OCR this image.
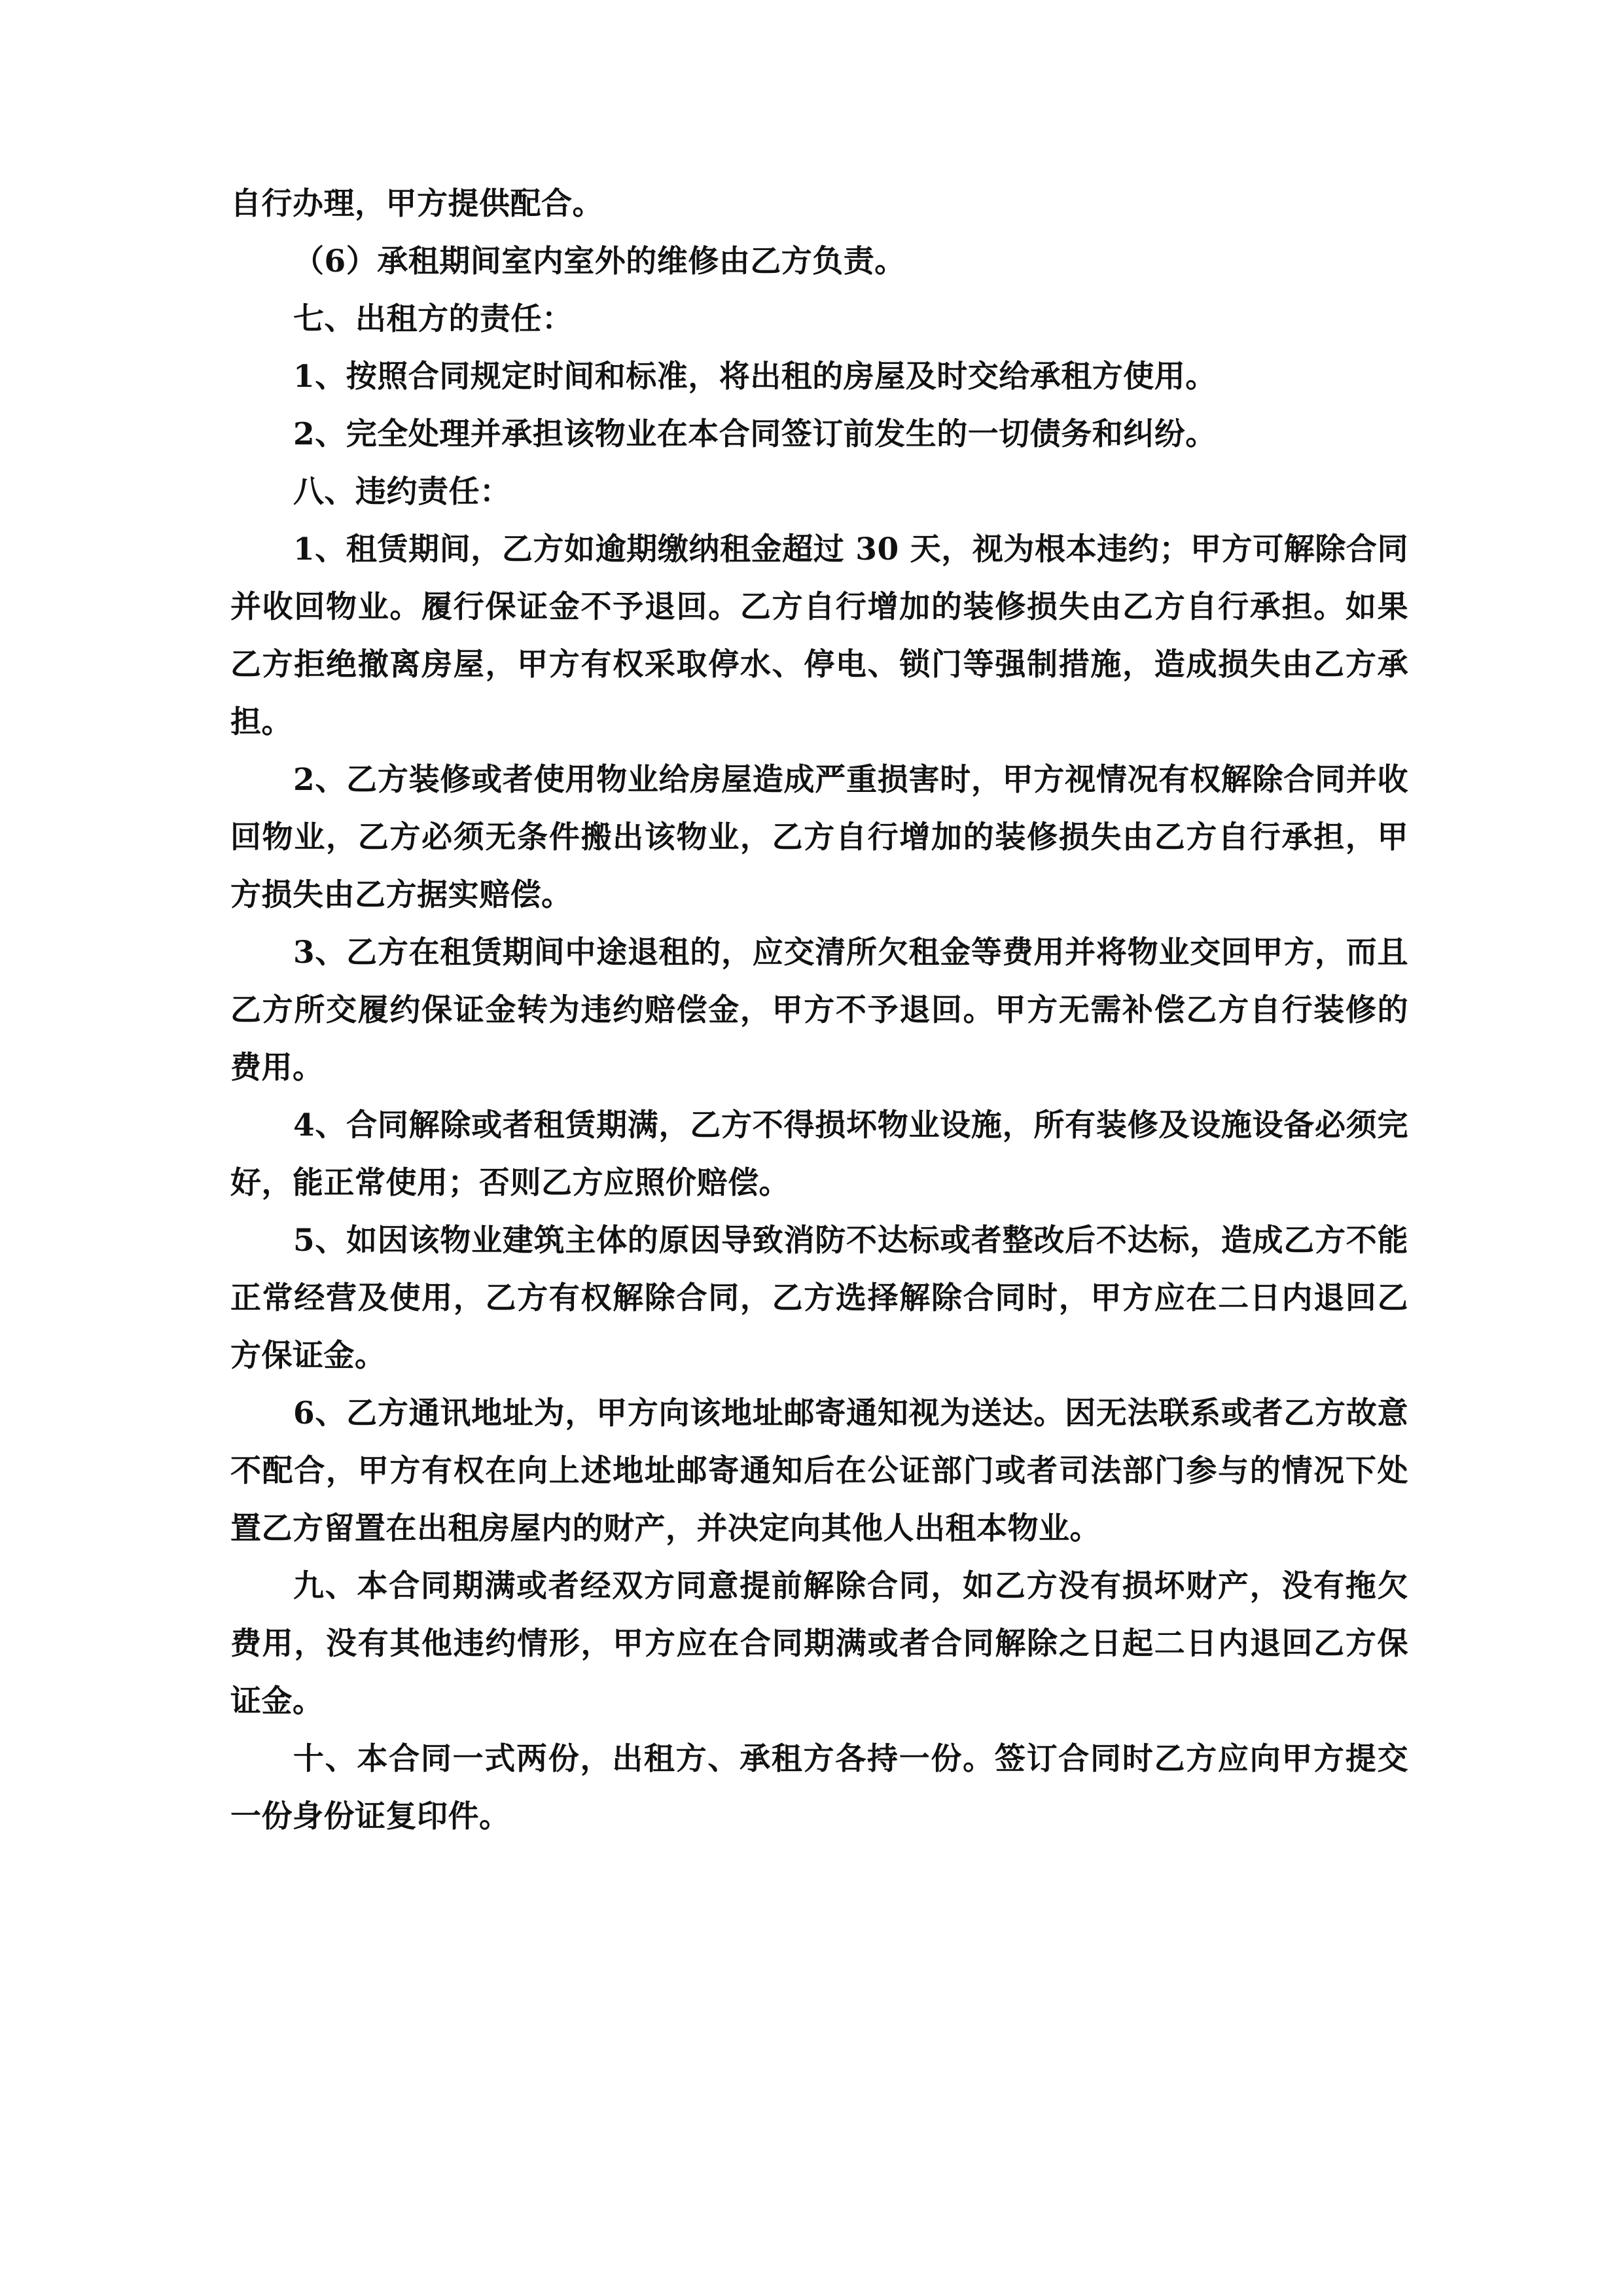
自行办理，甲方提供配合。

（6）承租期间室内室外的维修由乙方负责。

七、出租方的责任：

1、按照合同规定时间和标准，将出租的房屋及时交给承租方使用。

2、完全处理并承担该物业在本合同签订前发生的一切债务和纠纷。

八、违约责任：

1、租赁期间，乙方如逾期缴纳租金超过 30 天，视为根本违约；甲方可解除合同并收回物业。履行保证金不予退回。乙方自行增加的装修损失由乙方自行承担。如果乙方拒绝撤离房屋，甲方有权采取停水、停电、锁门等强制措施，造成损失由乙方承担。

2、乙方装修或者使用物业给房屋造成严重损害时，甲方视情况有权解除合同并收回物业，乙方必须无条件搬出该物业，乙方自行增加的装修损失由乙方自行承担，甲方损失由乙方据实赔偿。

3、乙方在租赁期间中途退租的，应交清所欠租金等费用并将物业交回甲方，而且乙方所交履约保证金转为违约赔偿金，甲方不予退回。甲方无需补偿乙方自行装修的费用。

4、合同解除或者租赁期满，乙方不得损坏物业设施，所有装修及设施设备必须完好，能正常使用；否则乙方应照价赔偿。

5、如因该物业建筑主体的原因导致消防不达标或者整改后不达标，造成乙方不能正常经营及使用，乙方有权解除合同，乙方选择解除合同时，甲方应在二日内退回乙方保证金。

6、乙方通讯地址为，甲方向该地址邮寄通知视为送达。因无法联系或者乙方故意不配合，甲方有权在向上述地址邮寄通知后在公证部门或者司法部门参与的情况下处置乙方留置在出租房屋内的财产，并决定向其他人出租本物业。

九、本合同期满或者经双方同意提前解除合同，如乙方没有损坏财产，没有拖欠费用，没有其他违约情形，甲方应在合同期满或者合同解除之日起二日内退回乙方保证金。

十、本合同一式两份，出租方、承租方各持一份。签订合同时乙方应向甲方提交一份身份证复印件。
